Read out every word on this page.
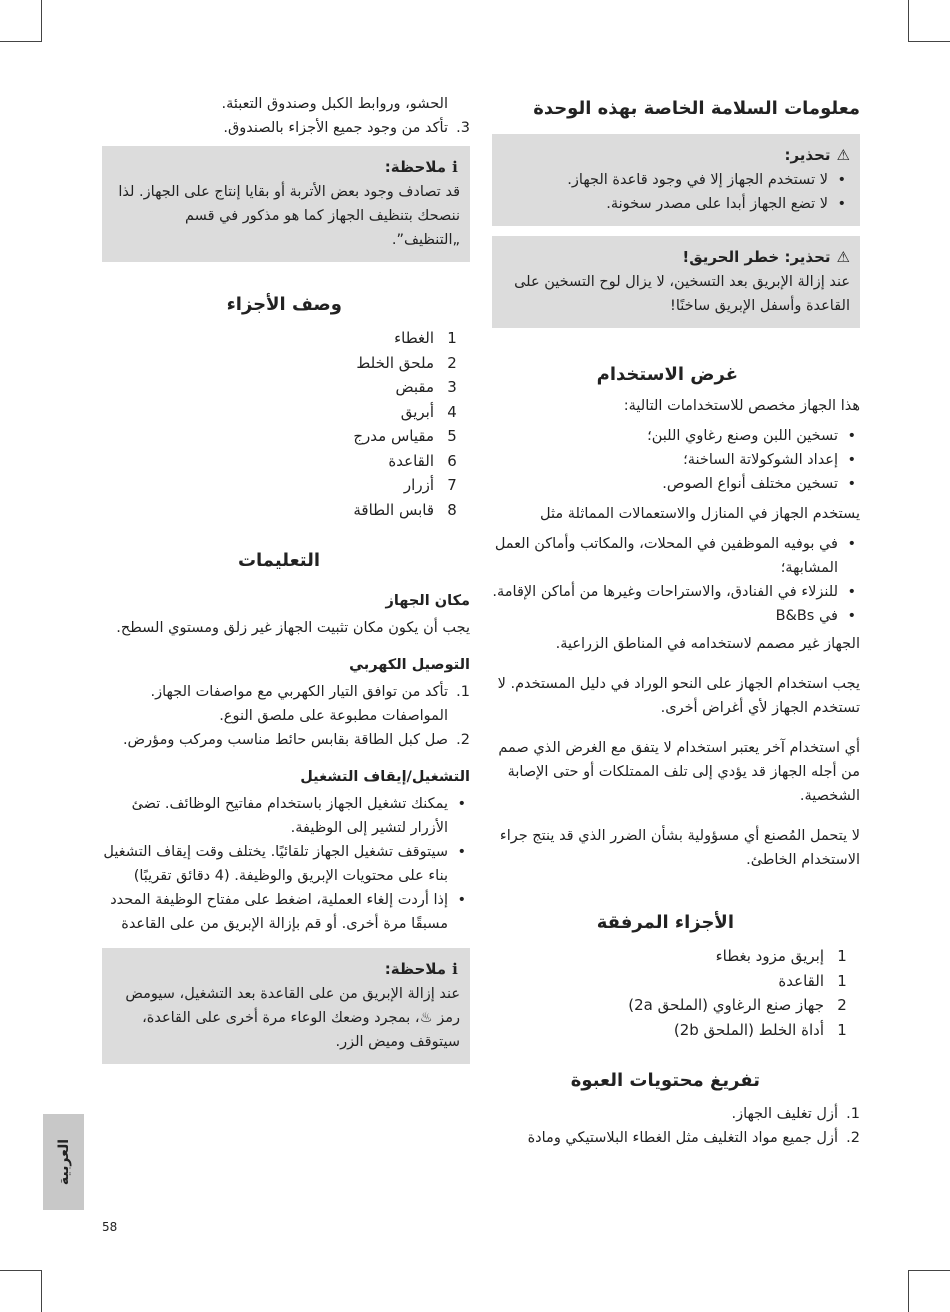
معلومات السلامة الخاصة بهذه الوحدة
⚠تحذير:
• لا تستخدم الجهاز إلا في وجود قاعدة الجهاز.
• لا تضع الجهاز أبدا على مصدر سخونة.
⚠تحذير: خطر الحريق!

عند إزالة الإبريق بعد التسخين، لا يزال لوح التسخين على القاعدة وأسفل الإبريق ساخنًا!

غرض الاستخدام

هذا الجهاز مخصص للاستخدامات التالية:

• تسخين اللبن وصنع رغاوي اللبن؛
• إعداد الشوكولاتة الساخنة؛
• تسخين مختلف أنواع الصوص.

يستخدم الجهاز في المنازل والاستعمالات المماثلة مثل

• في بوفيه الموظفين في المحلات، والمكاتب وأماكن العمل المشابهة؛
• للنزلاء في الفنادق، والاستراحات وغيرها من أماكن الإقامة.
• في B&Bs

الجهاز غير مصمم لاستخدامه في المناطق الزراعية.

يجب استخدام الجهاز على النحو الوراد في دليل المستخدم. لا تستخدم الجهاز لأي أغراض أخرى.

أي استخدام آخر يعتبر استخدام لا يتفق مع الغرض الذي صمم من أجله الجهاز قد يؤدي إلى تلف الممتلكات أو حتى الإصابة الشخصية.

لا يتحمل المُصنع أي مسؤولية بشأن الضرر الذي قد ينتج جراء الاستخدام الخاطئ.

الأجزاء المرفقة
1
إبريق مزود بغطاء
1
القاعدة
2
جهاز صنع الرغاوي (الملحق 2a)
1
أداة الخلط (الملحق 2b)
تفريغ محتويات العبوة
1.
أزل تغليف الجهاز.
2.
أزل جميع مواد التغليف مثل الغطاء البلاستيكي ومادة

الحشو، وروابط الكبل وصندوق التعبئة.

3.
تأكد من وجود جميع الأجزاء بالصندوق.
ℹملاحظة:

قد تصادف وجود بعض الأتربة أو بقايا إنتاج على الجهاز. لذا ننصحك بتنظيف الجهاز كما هو مذكور في قسم „التنظيف”.

وصف الأجزاء
1
الغطاء
2
ملحق الخلط
3
مقبض
4
أبريق
5
مقياس مدرج
6
القاعدة
7
أزرار
8
قابس الطاقة
التعليمات
مكان الجهاز

يجب أن يكون مكان تثبيت الجهاز غير زلق ومستوي السطح.

التوصيل الكهربي
1.
تأكد من توافق التيار الكهربي مع مواصفات الجهاز. المواصفات مطبوعة على ملصق النوع.
2.
صل كبل الطاقة بقابس حائط مناسب ومركب ومؤرض.
التشغيل/إيقاف التشغيل
• يمكنك تشغيل الجهاز باستخدام مفاتيح الوظائف. تضئ الأزرار لتشير إلى الوظيفة.
• سيتوقف تشغيل الجهاز تلقائيًا. يختلف وقت إيقاف التشغيل بناء على محتويات الإبريق والوظيفة. (4 دقائق تقريبًا)
• إذا أردت إلغاء العملية، اضغط على مفتاح الوظيفة المحدد مسبقًا مرة أخرى. أو قم بإزالة الإبريق من على القاعدة
ℹملاحظة:

عند إزالة الإبريق من على القاعدة بعد التشغيل، سيومض رمز ♨، بمجرد وضعك الوعاء مرة أخرى على القاعدة، سيتوقف وميض الزر.

العربية
58
